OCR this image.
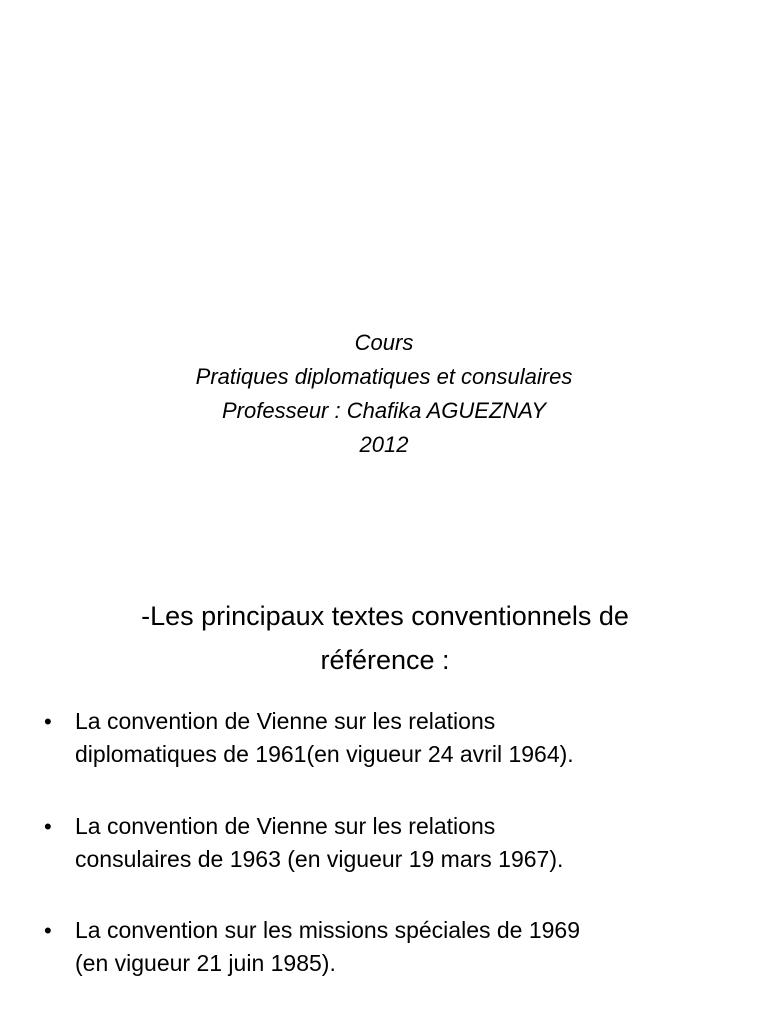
Cours
Pratiques diplomatiques et consulaires
Professeur : Chafika AGUEZNAY
2012
-Les principaux textes conventionnels de
référence :
• La convention de Vienne sur les relations
diplomatiques de 1961(en vigueur 24 avril 1964).
• La convention de Vienne sur les relations
consulaires de 1963 (en vigueur 19 mars 1967).
• La convention sur les missions spéciales de 1969
(en vigueur 21 juin 1985).
